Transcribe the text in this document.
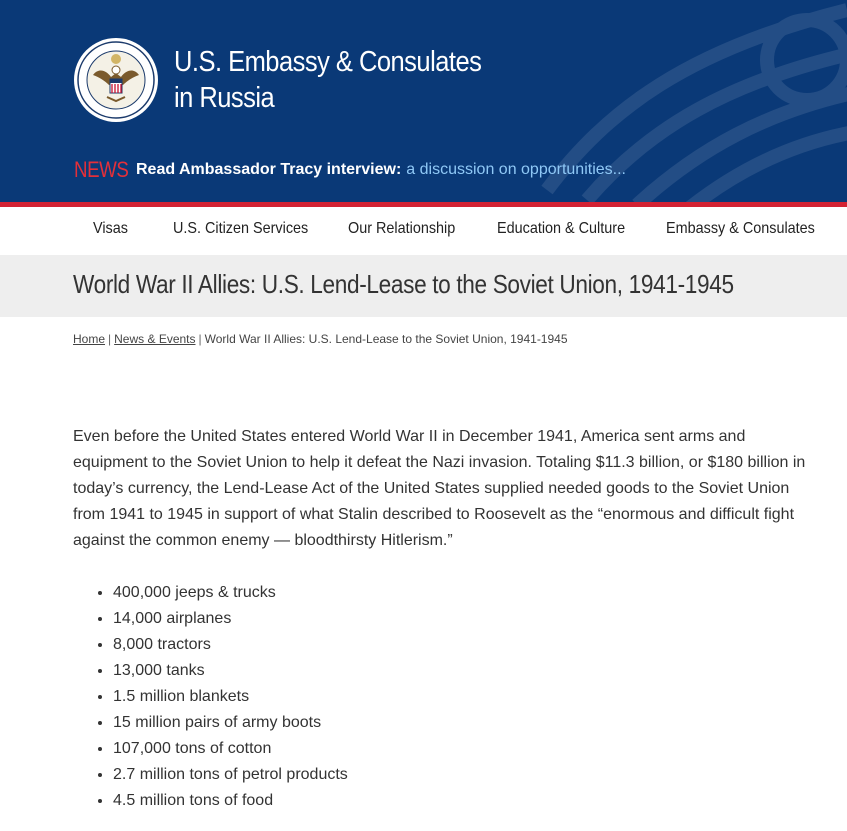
U.S. Embassy & Consulates
in Russia
NEWS Read Ambassador Tracy interview: a discussion on opportunities...
Visas	U.S. Citizen Services Our Relationship	Education & Culture	Embassy & Consulates
World War II Allies: U.S. Lend-Lease to the Soviet Union, 1941-1945
Home | News & Events | World War II Allies: U.S. Lend-Lease to the Soviet Union, 1941-1945

Even before the United States entered World War II in December 1941, America sent arms and equipment to the Soviet Union to help it defeat the Nazi invasion. Totaling $11.3 billion, or $180 billion in today’s currency, the Lend-Lease Act of the United States supplied needed goods to the Soviet Union from 1941 to 1945 in support of what Stalin described to Roosevelt as the “enormous and difficult fight against the common enemy — bloodthirsty Hitlerism.”

• 400,000 jeeps & trucks
• 14,000 airplanes
• 8,000 tractors
• 13,000 tanks
• 1.5 million blankets
• 15 million pairs of army boots
• 107,000 tons of cotton
• 2.7 million tons of petrol products
• 4.5 million tons of food
